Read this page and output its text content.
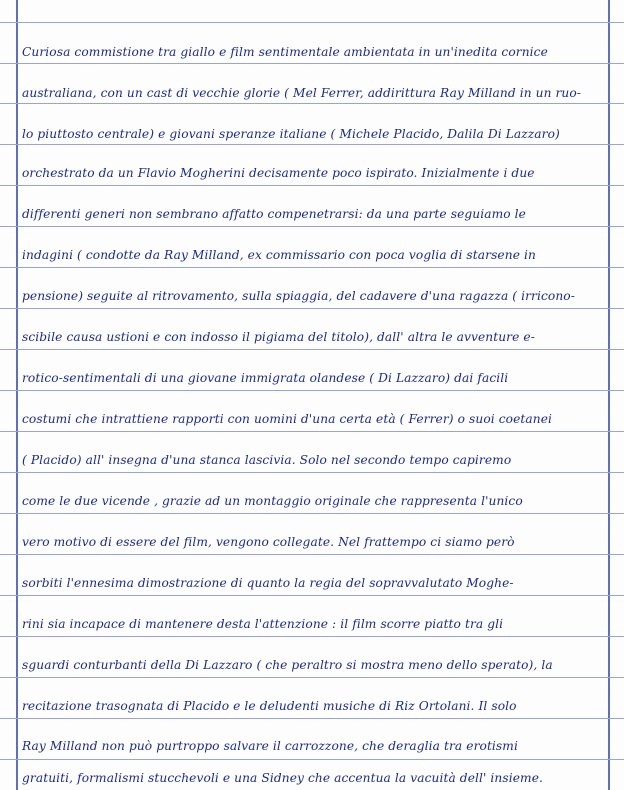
Curiosa commistione tra giallo e film sentimentale ambientata in un'inedita cornice
australiana, con un cast di vecchie glorie ( Mel Ferrer, addirittura Ray Milland in un ruo-
lo piuttosto centrale) e giovani speranze italiane ( Michele Placido, Dalila Di Lazzaro)
orchestrato da un Flavio Mogherini decisamente poco ispirato. Inizialmente i due
differenti generi non sembrano affatto compenetrarsi: da una parte seguiamo le
indagini ( condotte da Ray Milland, ex commissario con poca voglia di starsene in
pensione) seguite al ritrovamento, sulla spiaggia, del cadavere d'una ragazza ( irricono-
scibile causa ustioni e con indosso il pigiama del titolo), dall' altra le avventure e-
rotico-sentimentali di una giovane immigrata olandese ( Di Lazzaro) dai facili
costumi che intrattiene rapporti con uomini d'una certa età ( Ferrer) o suoi coetanei
( Placido) all' insegna d'una stanca lascivia. Solo nel secondo tempo capiremo
come le due vicende , grazie ad un montaggio originale che rappresenta l'unico
vero motivo di essere del film, vengono collegate. Nel frattempo ci siamo però
sorbiti l'ennesima dimostrazione di quanto la regia del sopravvalutato Moghe-
rini sia incapace di mantenere desta l'attenzione : il film scorre piatto tra gli
sguardi conturbanti della Di Lazzaro ( che peraltro si mostra meno dello sperato), la
recitazione trasognata di Placido e le deludenti musiche di Riz Ortolani. Il solo
Ray Milland non può purtroppo salvare il carrozzone, che deraglia tra erotismi
gratuiti, formalismi stucchevoli e una Sidney che accentua la vacuità dell' insieme.
